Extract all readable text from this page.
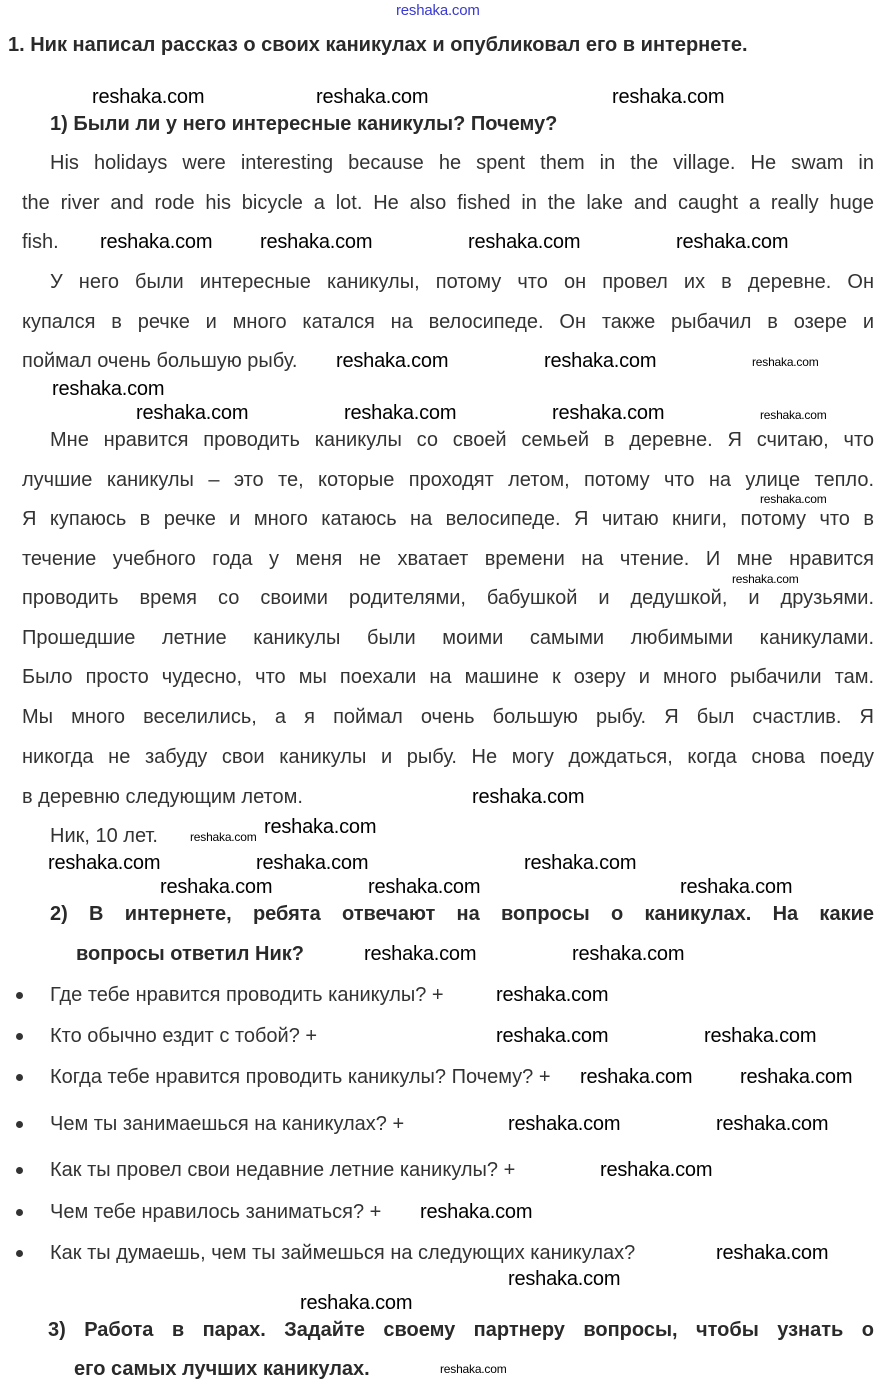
reshaka.com
1. Ник написал рассказ о своих каникулах и опубликовал его в интернете.
1) Были ли у него интересные каникулы? Почему?
His holidays were interesting because he spent them in the village. He swam in
the river and rode his bicycle a lot. He also fished in the lake and caught a really huge
fish.
У него были интересные каникулы, потому что он провел их в деревне. Он
купался в речке и много катался на велосипеде. Он также рыбачил в озере и
поймал очень большую рыбу.
Мне нравится проводить каникулы со своей семьей в деревне. Я считаю, что
лучшие каникулы – это те, которые проходят летом, потому что на улице тепло.
Я купаюсь в речке и много катаюсь на велосипеде. Я читаю книги, потому что в
течение учебного года у меня не хватает времени на чтение. И мне нравится
проводить время со своими родителями, бабушкой и дедушкой, и друзьями.
Прошедшие летние каникулы были моими самыми любимыми каникулами.
Было просто чудесно, что мы поехали на машине к озеру и много рыбачили там.
Мы много веселились, а я поймал очень большую рыбу. Я был счастлив. Я
никогда не забуду свои каникулы и рыбу. Не могу дождаться, когда снова поеду
в деревню следующим летом.
Ник, 10 лет.
2) В интернете, ребята отвечают на вопросы о каникулах. На какие
вопросы ответил Ник?
Где тебе нравится проводить каникулы? +
Кто обычно ездит с тобой? +
Когда тебе нравится проводить каникулы? Почему? +
Чем ты занимаешься на каникулах? +
Как ты провел свои недавние летние каникулы? +
Чем тебе нравилось заниматься? +
Как ты думаешь, чем ты займешься на следующих каникулах?
3) Работа в парах. Задайте своему партнеру вопросы, чтобы узнать о
его самых лучших каникулах.
reshaka.com	reshaka.com	reshaka.com
reshaka.com reshaka.com	reshaka.com	reshaka.com
reshaka.com
reshaka.com	reshaka.com	reshaka.com
reshaka.com
reshaka.com	reshaka.com	reshaka.com
reshaka.com
reshaka.com	reshaka.com	reshaka.com
reshaka.com
reshaka.com	reshaka.com	reshaka.com
reshaka.com
reshaka.com reshaka.com
reshaka.com
reshaka.com	reshaka.com
reshaka.com	reshaka.com
reshaka.com reshaka.com
reshaka.com	reshaka.com
reshaka.com
reshaka.com
reshaka.com
reshaka.com
reshaka.com
reshaka.com
